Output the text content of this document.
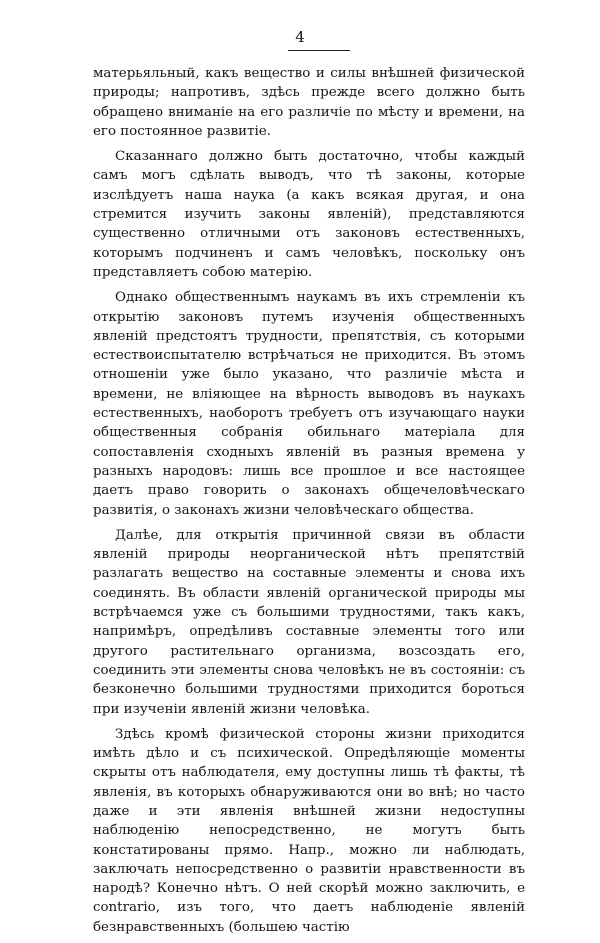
4

матерьяльный, какъ вещество и силы внѣшней физической природы; напротивъ, здѣсь прежде всего должно быть обращено вниманіе на его различіе по мѣсту и времени, на его постоянное развитіе.

Сказаннаго должно быть достаточно, чтобы каждый самъ могъ сдѣлать выводъ, что тѣ законы, которые изслѣдуетъ наша наука (а какъ всякая другая, и она стремится изучить законы явленій), представляются существенно отличными отъ законовъ естественныхъ, которымъ подчиненъ и самъ человѣкъ, поскольку онъ представляетъ собою матерію.

Однако общественнымъ наукамъ въ ихъ стремленіи къ открытію законовъ путемъ изученія общественныхъ явленій предстоятъ трудности, препятствія, съ которыми естествоиспытателю встрѣчаться не приходится. Въ этомъ отношеніи уже было указано, что различіе мѣста и времени, не вліяющее на вѣрность выводовъ въ наукахъ естественныхъ, наоборотъ требуетъ отъ изучающаго науки общественныя собранія обильнаго матеріала для сопоставленія сходныхъ явленій въ разныя времена у разныхъ народовъ: лишь все прошлое и все настоящее даетъ право говорить о законахъ общечеловѣческаго развитія, о законахъ жизни человѣческаго общества.

Далѣе, для открытія причинной связи въ области явленій природы неорганической нѣтъ препятствій разлагать вещество на составные элементы и снова ихъ соединять. Въ области явленій органической природы мы встрѣчаемся уже съ большими трудностями, такъ какъ, напримѣръ, опредѣливъ составные элементы того или другого растительнаго организма, возсоздать его, соединить эти элементы снова человѣкъ не въ состояніи: съ безконечно большими трудностями приходится бороться при изученіи явленій жизни человѣка.

Здѣсь кромѣ физической стороны жизни приходится имѣть дѣло и съ психической. Опредѣляющіе моменты скрыты отъ наблюдателя, ему доступны лишь тѣ факты, тѣ явленія, въ которыхъ обнаруживаются они во внѣ; но часто даже и эти явленія внѣшней жизни недоступны наблюденію непосредственно, не могутъ быть констатированы прямо. Напр., можно ли наблюдать, заключать непосредственно о развитіи нравственности въ народѣ? Конечно нѣтъ. О ней скорѣй можно заключить, e contrario, изъ того, что даетъ наблюденіе явленій безнравственныхъ (большею частію
